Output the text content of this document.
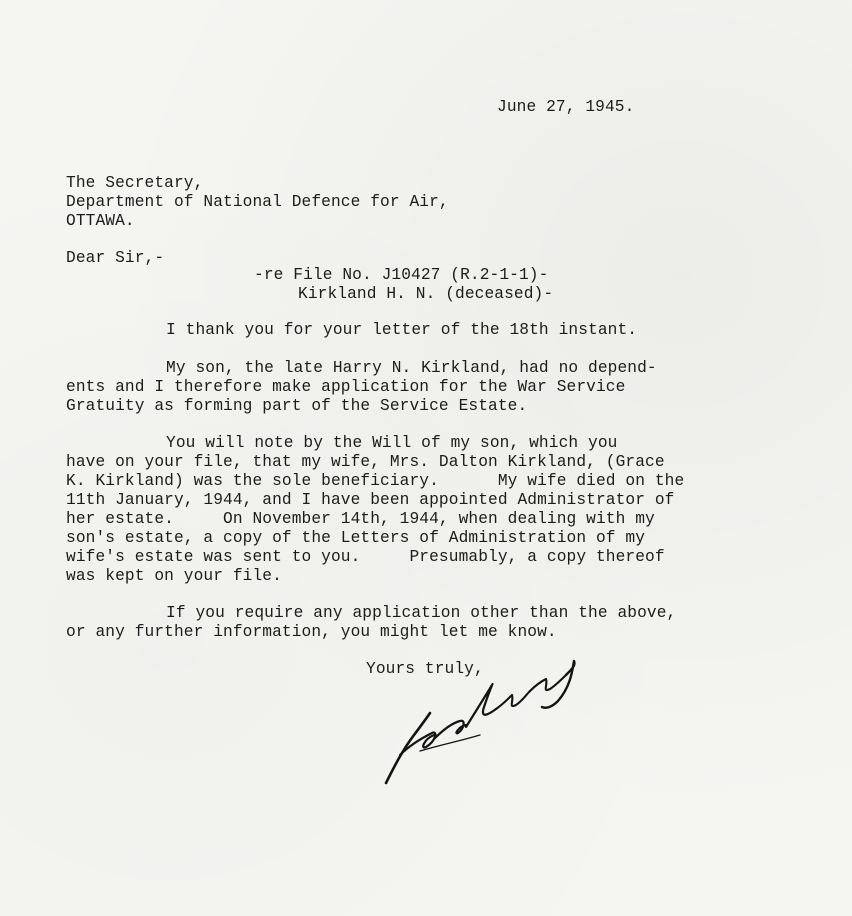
June 27, 1945.
The Secretary,
Department of National Defence for Air,
OTTAWA.
Dear Sir,-
-re File No. J10427 (R.2-1-1)-
Kirkland H. N. (deceased)-
I thank you for your letter of the 18th instant.
My son, the late Harry N. Kirkland, had no depend-
ents and I therefore make application for the War Service
Gratuity as forming part of the Service Estate.
You will note by the Will of my son, which you
have on your file, that my wife, Mrs. Dalton Kirkland, (Grace
K. Kirkland) was the sole beneficiary.      My wife died on the
11th January, 1944, and I have been appointed Administrator of
her estate.     On November 14th, 1944, when dealing with my
son's estate, a copy of the Letters of Administration of my
wife's estate was sent to you.     Presumably, a copy thereof
was kept on your file.
If you require any application other than the above,
or any further information, you might let me know.
Yours truly,
